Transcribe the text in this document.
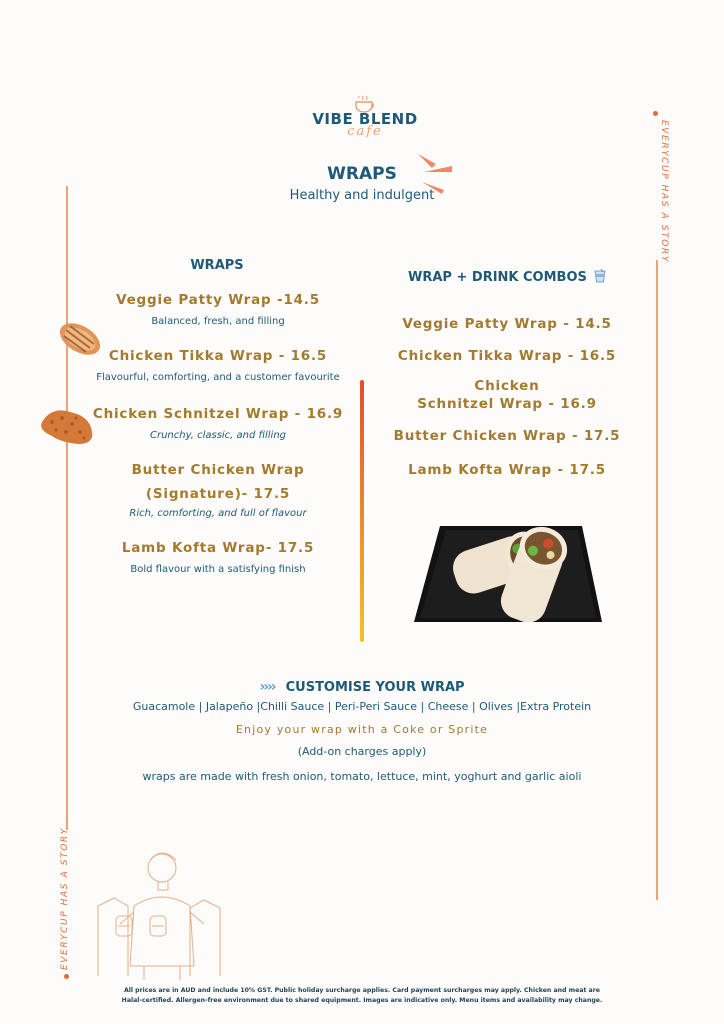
VIBE BLEND
cafe
WRAPS
Healthy and indulgent	EVERYCUP HAS A STORY
EVERYCUP HAS A STORY
WRAPS
Veggie Patty Wrap -14.5
Balanced, fresh, and filling
Chicken Tikka Wrap - 16.5
Flavourful, comforting, and a customer favourite
Chicken Schnitzel Wrap - 16.9
Crunchy, classic, and filling
Butter Chicken Wrap
(Signature)- 17.5
Rich, comforting, and full of flavour
Lamb Kofta Wrap- 17.5
Bold flavour with a satisfying finish
WRAP + DRINK COMBOS
Veggie Patty Wrap - 14.5
Chicken Tikka Wrap - 16.5
Chicken
Schnitzel Wrap - 16.9
Butter Chicken Wrap - 17.5
Lamb Kofta Wrap - 17.5
›››› CUSTOMISE YOUR WRAP
Guacamole | Jalapeño |Chilli Sauce | Peri-Peri Sauce | Cheese | Olives |Extra Protein
Enjoy your wrap with a Coke or Sprite
(Add-on charges apply)
wraps are made with fresh onion, tomato, lettuce, mint, yoghurt and garlic aioli
All prices are in AUD and include 10% GST. Public holiday surcharge applies. Card payment surcharges may apply. Chicken and meat are
Halal-certified. Allergen-free environment due to shared equipment. Images are indicative only. Menu items and availability may change.
